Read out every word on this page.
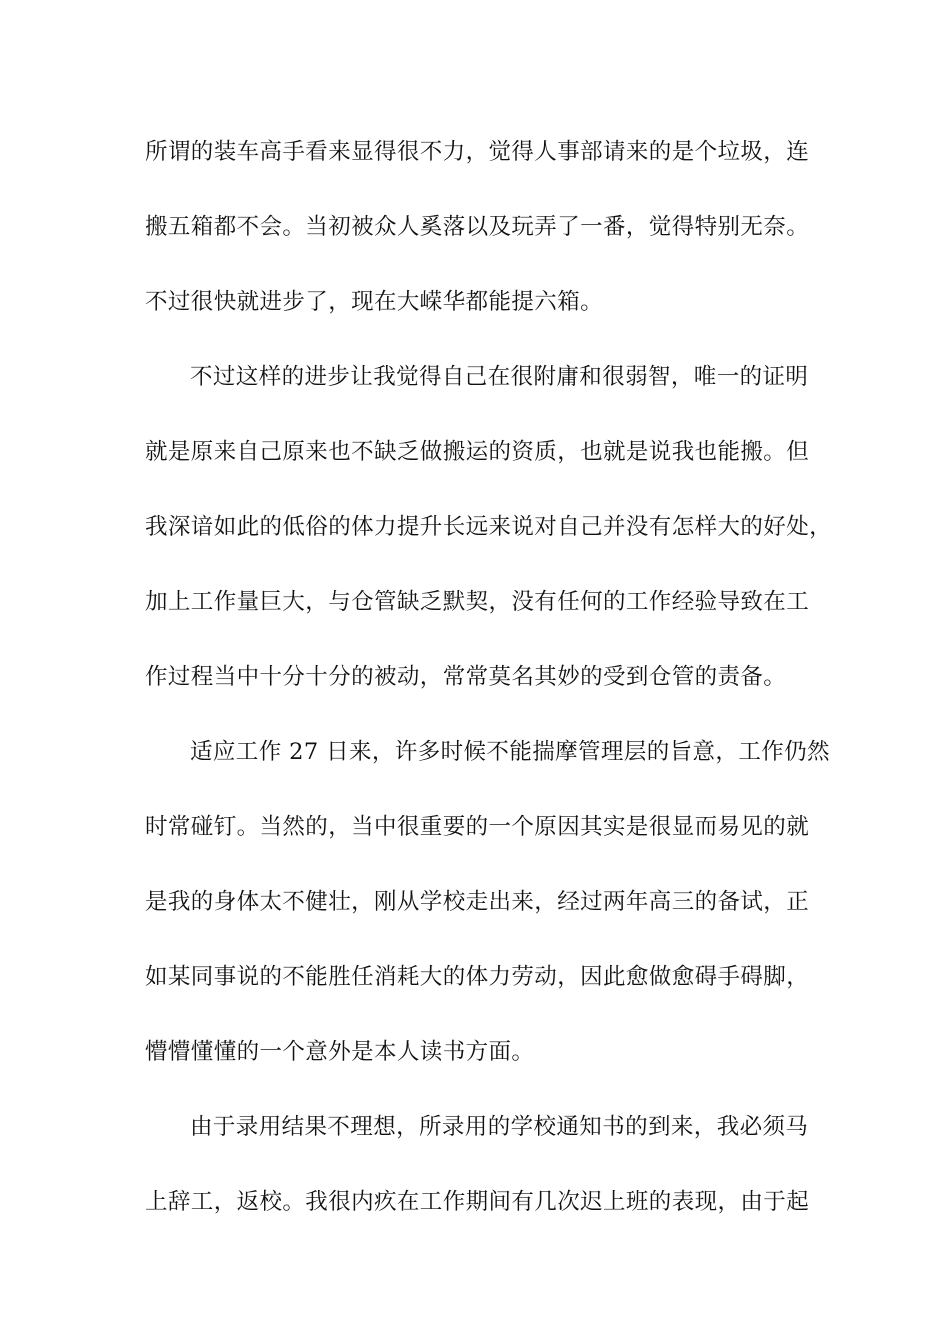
所谓的装车高手看来显得很不力，觉得人事部请来的是个垃圾，连
搬五箱都不会。当初被众人奚落以及玩弄了一番，觉得特别无奈。
不过很快就进步了，现在大嵘华都能提六箱。
不过这样的进步让我觉得自己在很附庸和很弱智，唯一的证明
就是原来自己原来也不缺乏做搬运的资质，也就是说我也能搬。但
我深谙如此的低俗的体力提升长远来说对自己并没有怎样大的好处，
加上工作量巨大，与仓管缺乏默契，没有任何的工作经验导致在工
作过程当中十分十分的被动，常常莫名其妙的受到仓管的责备。
适应工作 27 日来，许多时候不能揣摩管理层的旨意，工作仍然
时常碰钉。当然的，当中很重要的一个原因其实是很显而易见的就
是我的身体太不健壮，刚从学校走出来，经过两年高三的备试，正
如某同事说的不能胜任消耗大的体力劳动，因此愈做愈碍手碍脚，
懵懵懂懂的一个意外是本人读书方面。
由于录用结果不理想，所录用的学校通知书的到来，我必须马
上辞工，返校。我很内疚在工作期间有几次迟上班的表现，由于起
